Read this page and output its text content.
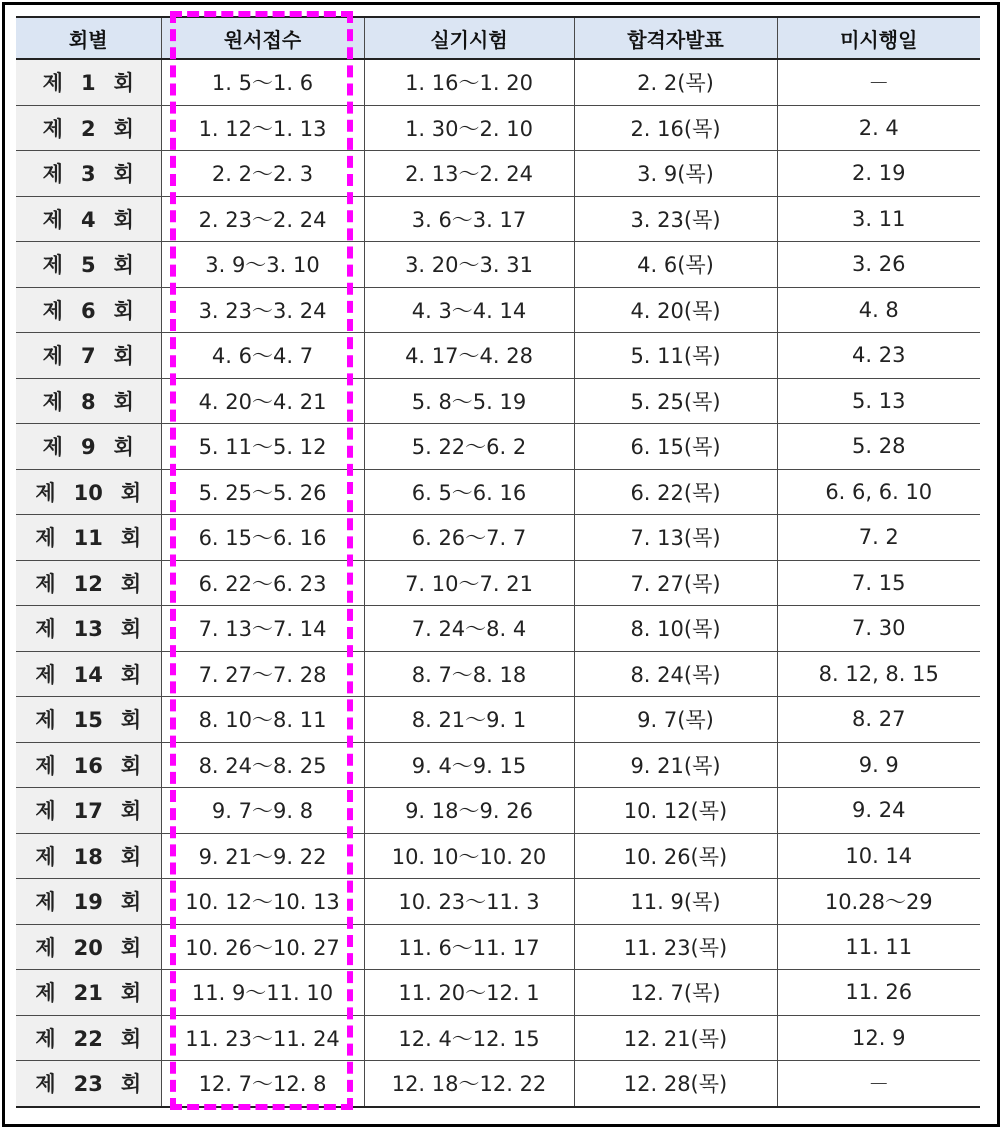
회별	원서접수	실기시험	합격자발표	미시행일
제 1 회	1. 5～1. 6	1. 16～1. 20	2. 2(목)	－
제 2 회	1. 12～1. 13	1. 30～2. 10	2. 16(목)	2. 4
제 3 회	2. 2～2. 3	2. 13～2. 24	3. 9(목)	2. 19
제 4 회	2. 23～2. 24	3. 6～3. 17	3. 23(목)	3. 11
제 5 회	3. 9～3. 10	3. 20～3. 31	4. 6(목)	3. 26
제 6 회	3. 23～3. 24	4. 3～4. 14	4. 20(목)	4. 8
제 7 회	4. 6～4. 7	4. 17～4. 28	5. 11(목)	4. 23
제 8 회	4. 20～4. 21	5. 8～5. 19	5. 25(목)	5. 13
제 9 회	5. 11～5. 12	5. 22～6. 2	6. 15(목)	5. 28
제 10 회	5. 25～5. 26	6. 5～6. 16	6. 22(목)	6. 6, 6. 10
제 11 회	6. 15～6. 16	6. 26～7. 7	7. 13(목)	7. 2
제 12 회	6. 22～6. 23	7. 10～7. 21	7. 27(목)	7. 15
제 13 회	7. 13～7. 14	7. 24～8. 4	8. 10(목)	7. 30
제 14 회	7. 27～7. 28	8. 7～8. 18	8. 24(목)	8. 12, 8. 15
제 15 회	8. 10～8. 11	8. 21～9. 1	9. 7(목)	8. 27
제 16 회	8. 24～8. 25	9. 4～9. 15	9. 21(목)	9. 9
제 17 회	9. 7～9. 8	9. 18～9. 26	10. 12(목)	9. 24
제 18 회	9. 21～9. 22	10. 10～10. 20	10. 26(목)	10. 14
제 19 회	10. 12～10. 13	10. 23～11. 3	11. 9(목)	10.28～29
제 20 회	10. 26～10. 27	11. 6～11. 17	11. 23(목)	11. 11
제 21 회	11. 9～11. 10	11. 20～12. 1	12. 7(목)	11. 26
제 22 회	11. 23～11. 24	12. 4～12. 15	12. 21(목)	12. 9
제 23 회	12. 7～12. 8	12. 18～12. 22	12. 28(목)	－
